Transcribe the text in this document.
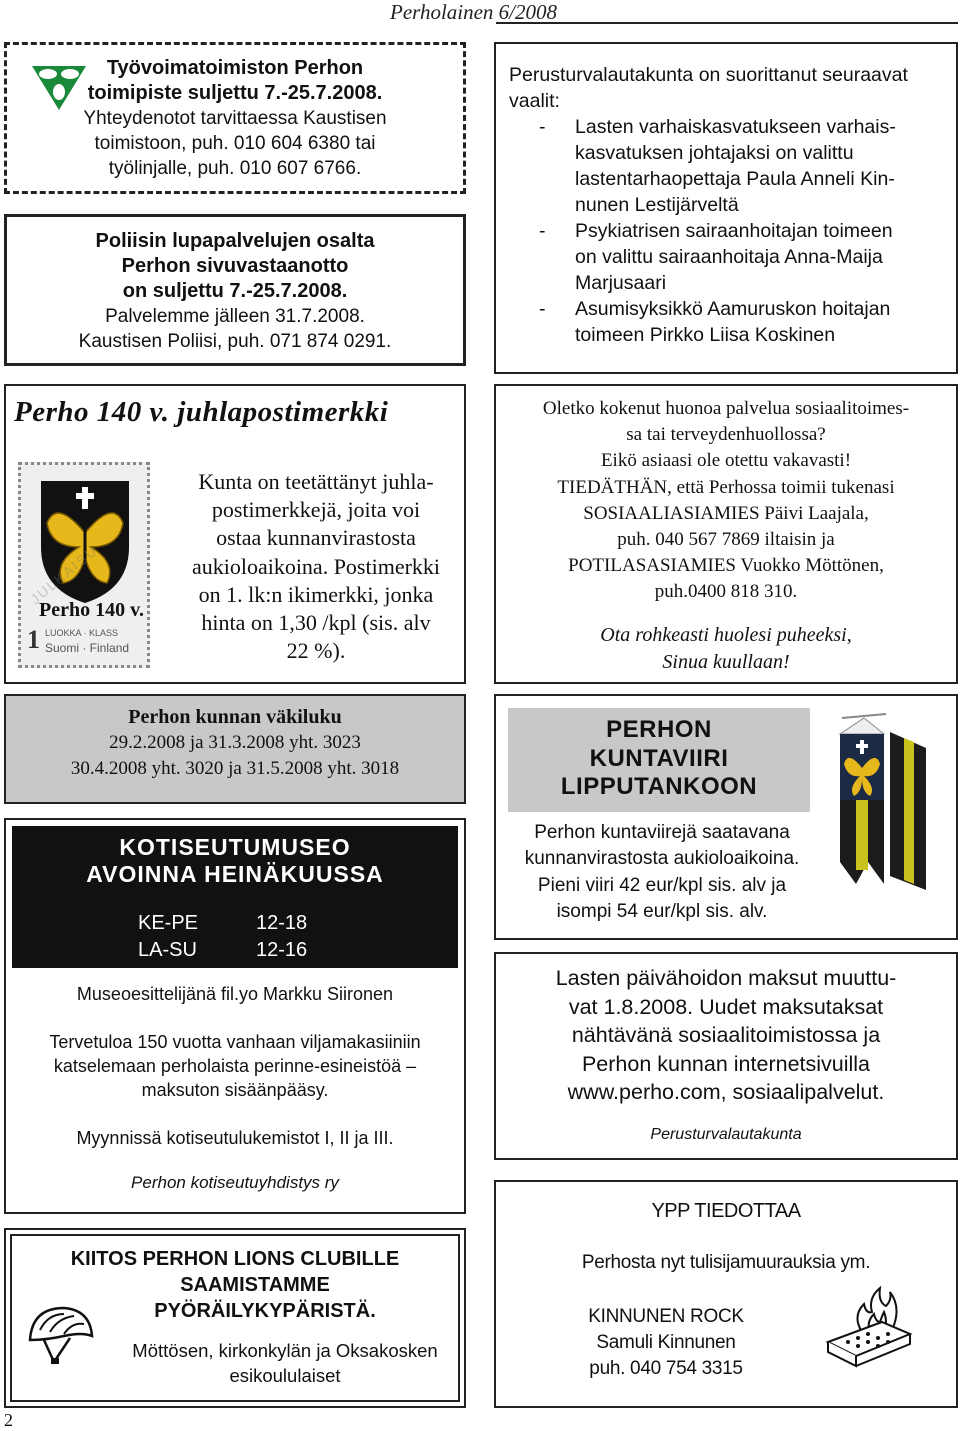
Perholainen 6/2008
Työvoimatoimiston Perhon
toimipiste suljettu 7.-25.7.2008.
Yhteydenotot tarvittaessa Kaustisen
toimistoon, puh. 010 604 6380 tai
työlinjalle, puh. 010 607 6766.
Poliisin lupapalvelujen osalta
Perhon sivuvastaanotto
on suljettu 7.-25.7.2008.
Palvelemme jälleen 31.7.2008.
Kaustisen Poliisi, puh. 071 874 0291.
Perusturvalautakunta on suorittanut seuraavat
vaalit:
- Lasten varhaiskasvatukseen varhais-
kasvatuksen johtajaksi on valittu
lastentarhaopettaja Paula Anneli Kin-
nunen Lestijärveltä
- Psykiatrisen sairaanhoitajan toimeen
on valittu sairaanhoitaja Anna-Maija
Marjusaari
- Asumisyksikkö Aamuruskon hoitajan
toimeen Pirkko Liisa Koskinen
Perho 140 v. juhlapostimerkki
Perho 140 v.
1 LUOKKA · KLASS
Suomi · Finland
JULKAISU
Kunta on teetättänyt juhla-
postimerkkejä, joita voi
ostaa kunnanvirastosta
aukioloaikoina. Postimerkki
on 1. lk:n ikimerkki, jonka
hinta on 1,30 /kpl (sis. alv
22 %).
Oletko kokenut huonoa palvelua sosiaalitoimes-
sa tai terveydenhuollossa?
Eikö asiaasi ole otettu vakavasti!
TIEDÄTHÄN, että Perhossa toimii tukenasi
SOSIAALIASIAMIES Päivi Laajala,
puh. 040 567 7869 iltaisin ja
POTILASASIAMIES Vuokko Möttönen,
puh.0400 818 310.
Ota rohkeasti huolesi puheeksi,
Sinua kuullaan!
Perhon kunnan väkiluku
29.2.2008 ja 31.3.2008 yht. 3023
30.4.2008 yht. 3020 ja 31.5.2008 yht. 3018
PERHON
KUNTAVIIRI
LIPPUTANKOON
Perhon kuntaviirejä saatavana
kunnanvirastosta aukioloaikoina.
Pieni viiri 42 eur/kpl sis. alv ja
isompi 54 eur/kpl sis. alv.
KOTISEUTUMUSEO
AVOINNA HEINÄKUUSSA
KE-PE	12-18
LA-SU	12-16
Museoesittelijänä fil.yo Markku Siironen
Tervetuloa 150 vuotta vanhaan viljamakasiiniin
katselemaan perholaista perinne-esineistöä –
maksuton sisäänpääsy.
Myynnissä kotiseutulukemistot I, II ja III.
Perhon kotiseutuyhdistys ry
Lasten päivähoidon maksut muuttu-
vat 1.8.2008. Uudet maksutaksat
nähtävänä sosiaalitoimistossa ja
Perhon kunnan internetsivuilla
www.perho.com, sosiaalipalvelut.
Perusturvalautakunta
KIITOS PERHON LIONS CLUBILLE
SAAMISTAMME
PYÖRÄILYKYPÄRISTÄ.
Möttösen, kirkonkylän ja Oksakosken
esikoululaiset
YPP TIEDOTTAA
Perhosta nyt tulisijamuurauksia ym.
KINNUNEN ROCK
Samuli Kinnunen
puh. 040 754 3315
2
